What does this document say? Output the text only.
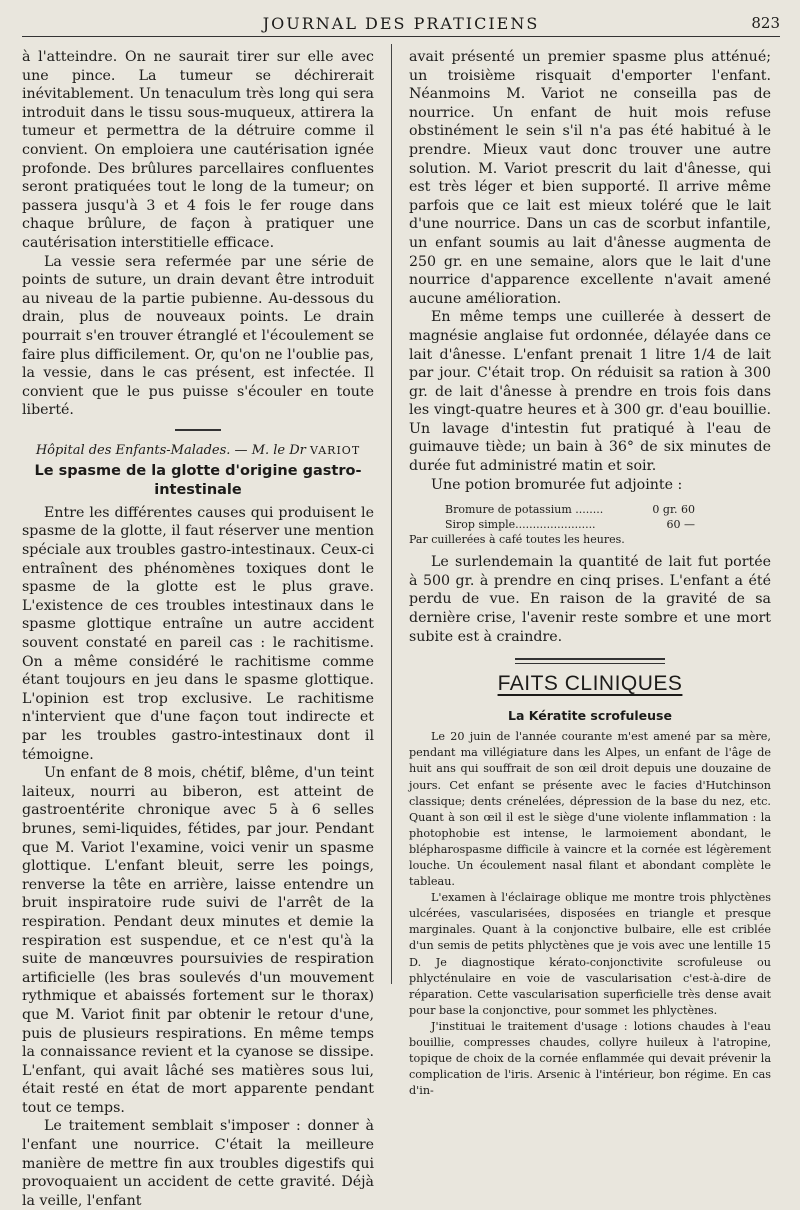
JOURNAL DES PRATICIENS	823

à l'atteindre. On ne saurait tirer sur elle avec une pince. La tumeur se déchirerait inévitablement. Un tenaculum très long qui sera introduit dans le tissu sous-muqueux, attirera la tumeur et permettra de la détruire comme il convient. On emploiera une cautérisation ignée profonde. Des brûlures parcellaires confluentes seront pratiquées tout le long de la tumeur; on passera jusqu'à 3 et 4 fois le fer rouge dans chaque brûlure, de façon à pratiquer une cautérisation interstitielle efficace.

La vessie sera refermée par une série de points de suture, un drain devant être introduit au niveau de la partie pubienne. Au-dessous du drain, plus de nouveaux points. Le drain pourrait s'en trouver étranglé et l'écoulement se faire plus difficilement. Or, qu'on ne l'oublie pas, la vessie, dans le cas présent, est infectée. Il convient que le pus puisse s'écouler en toute liberté.

Hôpital des Enfants-Malades. — M. le Dr VARIOT
Le spasme de la glotte d'origine gastro-intestinale

Entre les différentes causes qui produisent le spasme de la glotte, il faut réserver une mention spéciale aux troubles gastro-intestinaux. Ceux-ci entraînent des phénomènes toxiques dont le spasme de la glotte est le plus grave. L'existence de ces troubles intestinaux dans le spasme glottique entraîne un autre accident souvent constaté en pareil cas : le rachitisme. On a même considéré le rachitisme comme étant toujours en jeu dans le spasme glottique. L'opinion est trop exclusive. Le rachitisme n'intervient que d'une façon tout indirecte et par les troubles gastro-intestinaux dont il témoigne.

Un enfant de 8 mois, chétif, blême, d'un teint laiteux, nourri au biberon, est atteint de gastroentérite chronique avec 5 à 6 selles brunes, semi-liquides, fétides, par jour. Pendant que M. Variot l'examine, voici venir un spasme glottique. L'enfant bleuit, serre les poings, renverse la tête en arrière, laisse entendre un bruit inspiratoire rude suivi de l'arrêt de la respiration. Pendant deux minutes et demie la respiration est suspendue, et ce n'est qu'à la suite de manœuvres poursuivies de respiration artificielle (les bras soulevés d'un mouvement rythmique et abaissés fortement sur le thorax) que M. Variot finit par obtenir le retour d'une, puis de plusieurs respirations. En même temps la connaissance revient et la cyanose se dissipe. L'enfant, qui avait lâché ses matières sous lui, était resté en état de mort apparente pendant tout ce temps.

Le traitement semblait s'imposer : donner à l'enfant une nourrice. C'était la meilleure manière de mettre fin aux troubles digestifs qui provoquaient un accident de cette gravité. Déjà la veille, l'enfant

avait présenté un premier spasme plus atténué; un troisième risquait d'emporter l'enfant. Néanmoins M. Variot ne conseilla pas de nourrice. Un enfant de huit mois refuse obstinément le sein s'il n'a pas été habitué à le prendre. Mieux vaut donc trouver une autre solution. M. Variot prescrit du lait d'ânesse, qui est très léger et bien supporté. Il arrive même parfois que ce lait est mieux toléré que le lait d'une nourrice. Dans un cas de scorbut infantile, un enfant soumis au lait d'ânesse augmenta de 250 gr. en une semaine, alors que le lait d'une nourrice d'apparence excellente n'avait amené aucune amélioration.

En même temps une cuillerée à dessert de magnésie anglaise fut ordonnée, délayée dans ce lait d'ânesse. L'enfant prenait 1 litre 1/4 de lait par jour. C'était trop. On réduisit sa ration à 300 gr. de lait d'ânesse à prendre en trois fois dans les vingt-quatre heures et à 300 gr. d'eau bouillie. Un lavage d'intestin fut pratiqué à l'eau de guimauve tiède; un bain à 36° de six minutes de durée fut administré matin et soir.

Une potion bromurée fut adjointe :

Bromure de potassium ........	0 gr. 60
Sirop simple.......................	60 —
Par cuillerées à café toutes les heures.

Le surlendemain la quantité de lait fut portée à 500 gr. à prendre en cinq prises. L'enfant a été perdu de vue. En raison de la gravité de sa dernière crise, l'avenir reste sombre et une mort subite est à craindre.

FAITS CLINIQUES
La Kératite scrofuleuse

Le 20 juin de l'année courante m'est amené par sa mère, pendant ma villégiature dans les Alpes, un enfant de l'âge de huit ans qui souffrait de son œil droit depuis une douzaine de jours. Cet enfant se présente avec le facies d'Hutchinson classique; dents crénelées, dépression de la base du nez, etc. Quant à son œil il est le siège d'une violente inflammation : la photophobie est intense, le larmoiement abondant, le blépharospasme difficile à vaincre et la cornée est légèrement louche. Un écoulement nasal filant et abondant complète le tableau.

L'examen à l'éclairage oblique me montre trois phlyctènes ulcérées, vascularisées, disposées en triangle et presque marginales. Quant à la conjonctive bulbaire, elle est criblée d'un semis de petits phlyctènes que je vois avec une lentille 15 D. Je diagnostique kérato-conjonctivite scrofuleuse ou phlycténulaire en voie de vascularisation c'est-à-dire de réparation. Cette vascularisation superficielle très dense avait pour base la conjonctive, pour sommet les phlyctènes.

J'instituai le traitement d'usage : lotions chaudes à l'eau bouillie, compresses chaudes, collyre huileux à l'atropine, topique de choix de la cornée enflammée qui devait prévenir la complication de l'iris. Arsenic à l'intérieur, bon régime. En cas d'in-
